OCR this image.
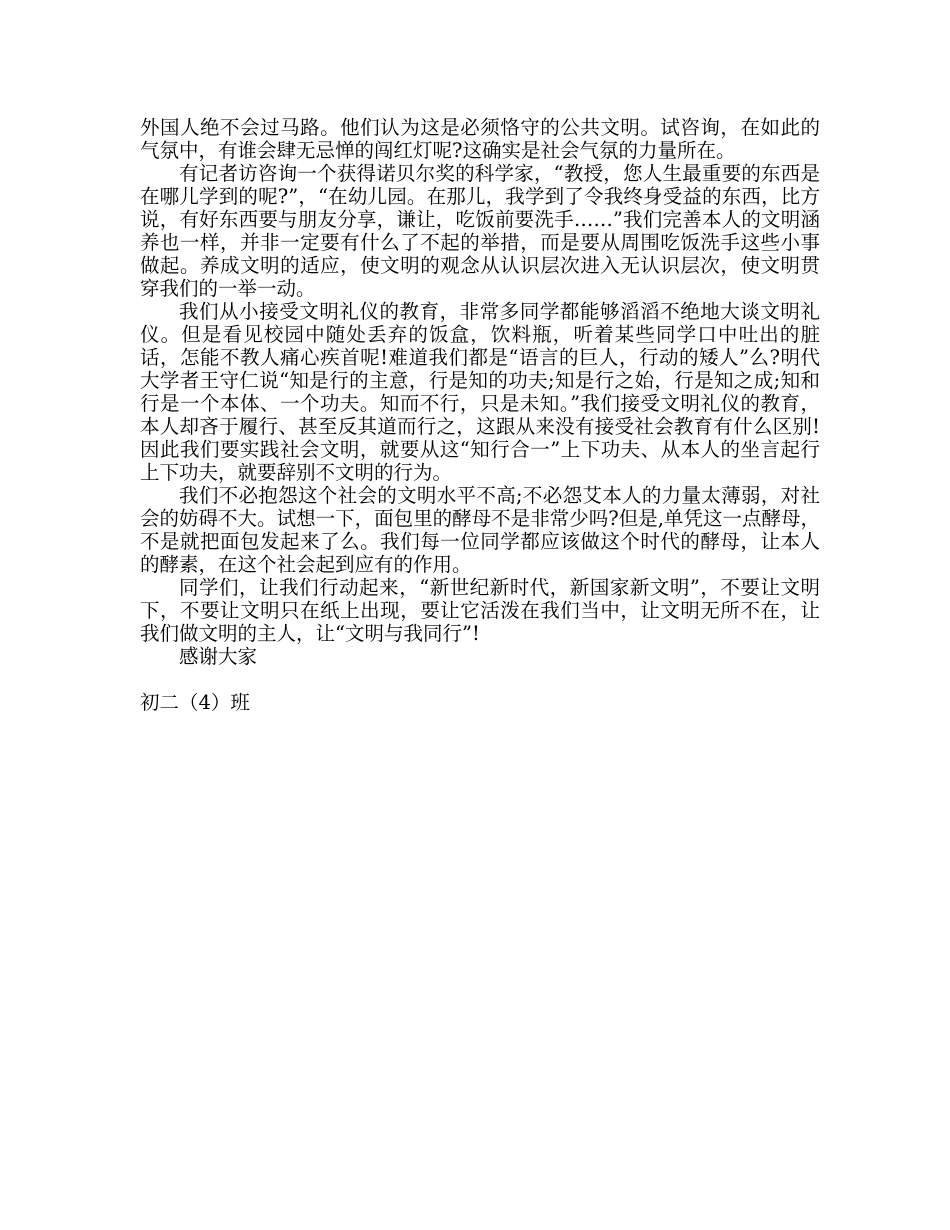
外国人绝不会过马路。他们认为这是必须恪守的公共文明。试咨询，在如此的气氛中，有谁会肆无忌惮的闯红灯呢?这确实是社会气氛的力量所在。

有记者访咨询一个获得诺贝尔奖的科学家，“教授，您人生最重要的东西是在哪儿学到的呢?”，“在幼儿园。在那儿，我学到了令我终身受益的东西，比方说，有好东西要与朋友分享，谦让，吃饭前要洗手……”我们完善本人的文明涵养也一样，并非一定要有什么了不起的举措，而是要从周围吃饭洗手这些小事做起。养成文明的适应，使文明的观念从认识层次进入无认识层次，使文明贯穿我们的一举一动。

我们从小接受文明礼仪的教育，非常多同学都能够滔滔不绝地大谈文明礼仪。但是看见校园中随处丢弃的饭盒，饮料瓶，听着某些同学口中吐出的脏话，怎能不教人痛心疾首呢!难道我们都是“语言的巨人，行动的矮人”么?明代大学者王守仁说“知是行的主意，行是知的功夫;知是行之始，行是知之成;知和行是一个本体、一个功夫。知而不行，只是未知。”我们接受文明礼仪的教育，本人却吝于履行、甚至反其道而行之，这跟从来没有接受社会教育有什么区别!因此我们要实践社会文明，就要从这“知行合一”上下功夫、从本人的坐言起行上下功夫，就要辞别不文明的行为。

我们不必抱怨这个社会的文明水平不高;不必怨艾本人的力量太薄弱，对社会的妨碍不大。试想一下，面包里的酵母不是非常少吗?但是,单凭这一点酵母，不是就把面包发起来了么。我们每一位同学都应该做这个时代的酵母，让本人的酵素，在这个社会起到应有的作用。

同学们，让我们行动起来，“新世纪新时代，新国家新文明”，不要让文明下，不要让文明只在纸上出现，要让它活泼在我们当中，让文明无所不在，让我们做文明的主人，让“文明与我同行”!

感谢大家

初二（4）班
